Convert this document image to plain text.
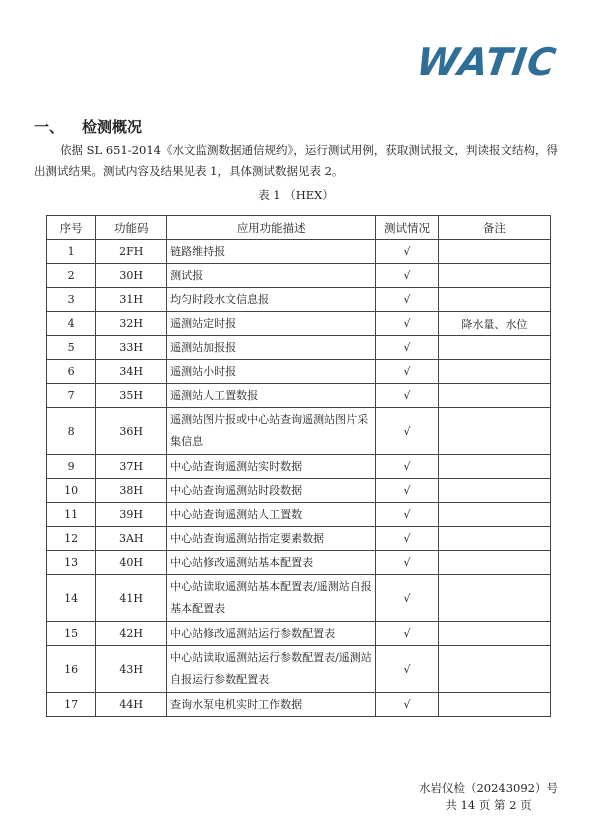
WATIC
一、 检测概况
依据 SL 651-2014《水文监测数据通信规约》，运行测试用例，获取测试报文，判读报文结构，得出测试结果。测试内容及结果见表 1，具体测试数据见表 2。
表 1 （HEX）
序号	功能码	应用功能描述	测试情况	备注
1	2FH	链路维持报	√	
2	30H	测试报	√	
3	31H	均匀时段水文信息报	√	
4	32H	遥测站定时报	√	降水量、水位
5	33H	遥测站加报报	√	
6	34H	遥测站小时报	√	
7	35H	遥测站人工置数报	√	
8	36H	遥测站图片报或中心站查询遥测站图片采集信息	√	
9	37H	中心站查询遥测站实时数据	√	
10	38H	中心站查询遥测站时段数据	√	
11	39H	中心站查询遥测站人工置数	√	
12	3AH	中心站查询遥测站指定要素数据	√	
13	40H	中心站修改遥测站基本配置表	√	
14	41H	中心站读取遥测站基本配置表/遥测站自报基本配置表	√	
15	42H	中心站修改遥测站运行参数配置表	√	
16	43H	中心站读取遥测站运行参数配置表/遥测站自报运行参数配置表	√	
17	44H	查询水泵电机实时工作数据	√	
水岩仪检（20243092）号
共 14 页 第 2 页
